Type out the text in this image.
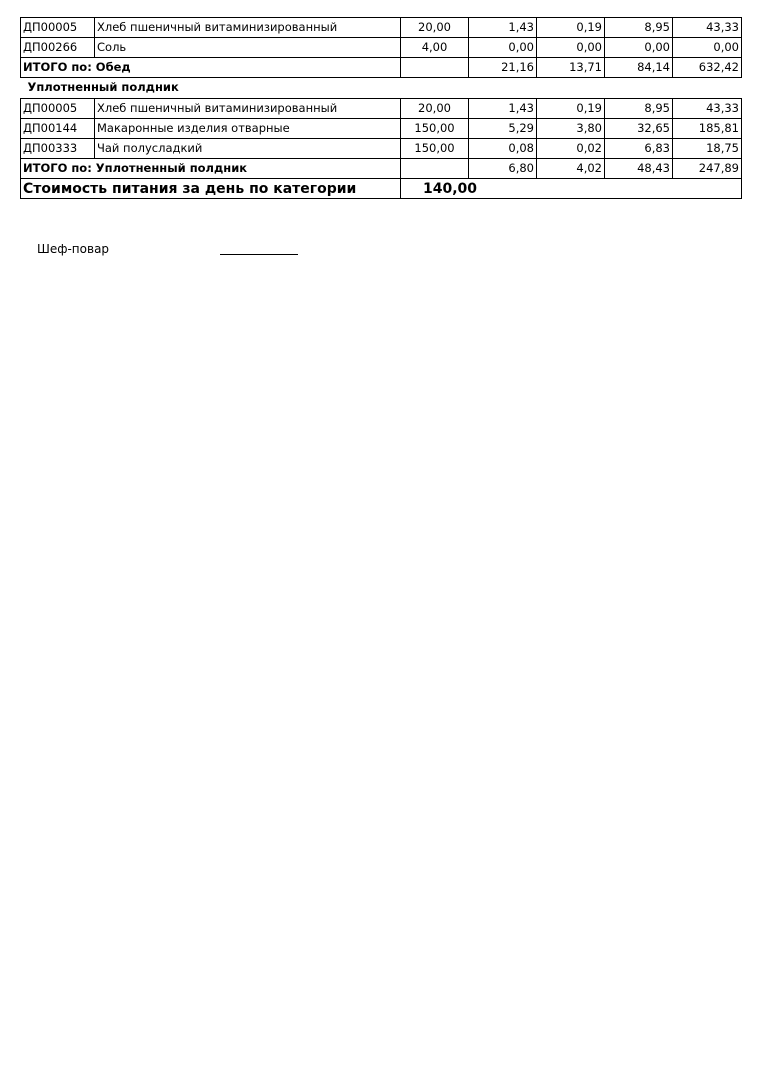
ДП00005	Хлеб пшеничный витаминизированный	20,00	1,43	0,19	8,95	43,33
ДП00266	Соль	4,00	0,00	0,00	0,00	0,00
ИТОГО по: Обед			21,16	13,71	84,14	632,42
Уплотненный полдник						
ДП00005	Хлеб пшеничный витаминизированный	20,00	1,43	0,19	8,95	43,33
ДП00144	Макаронные изделия отварные	150,00	5,29	3,80	32,65	185,81
ДП00333	Чай полусладкий	150,00	0,08	0,02	6,83	18,75
ИТОГО по: Уплотненный полдник			6,80	4,02	48,43	247,89
Стоимость питания за день по категории		140,00				
Шеф-повар
